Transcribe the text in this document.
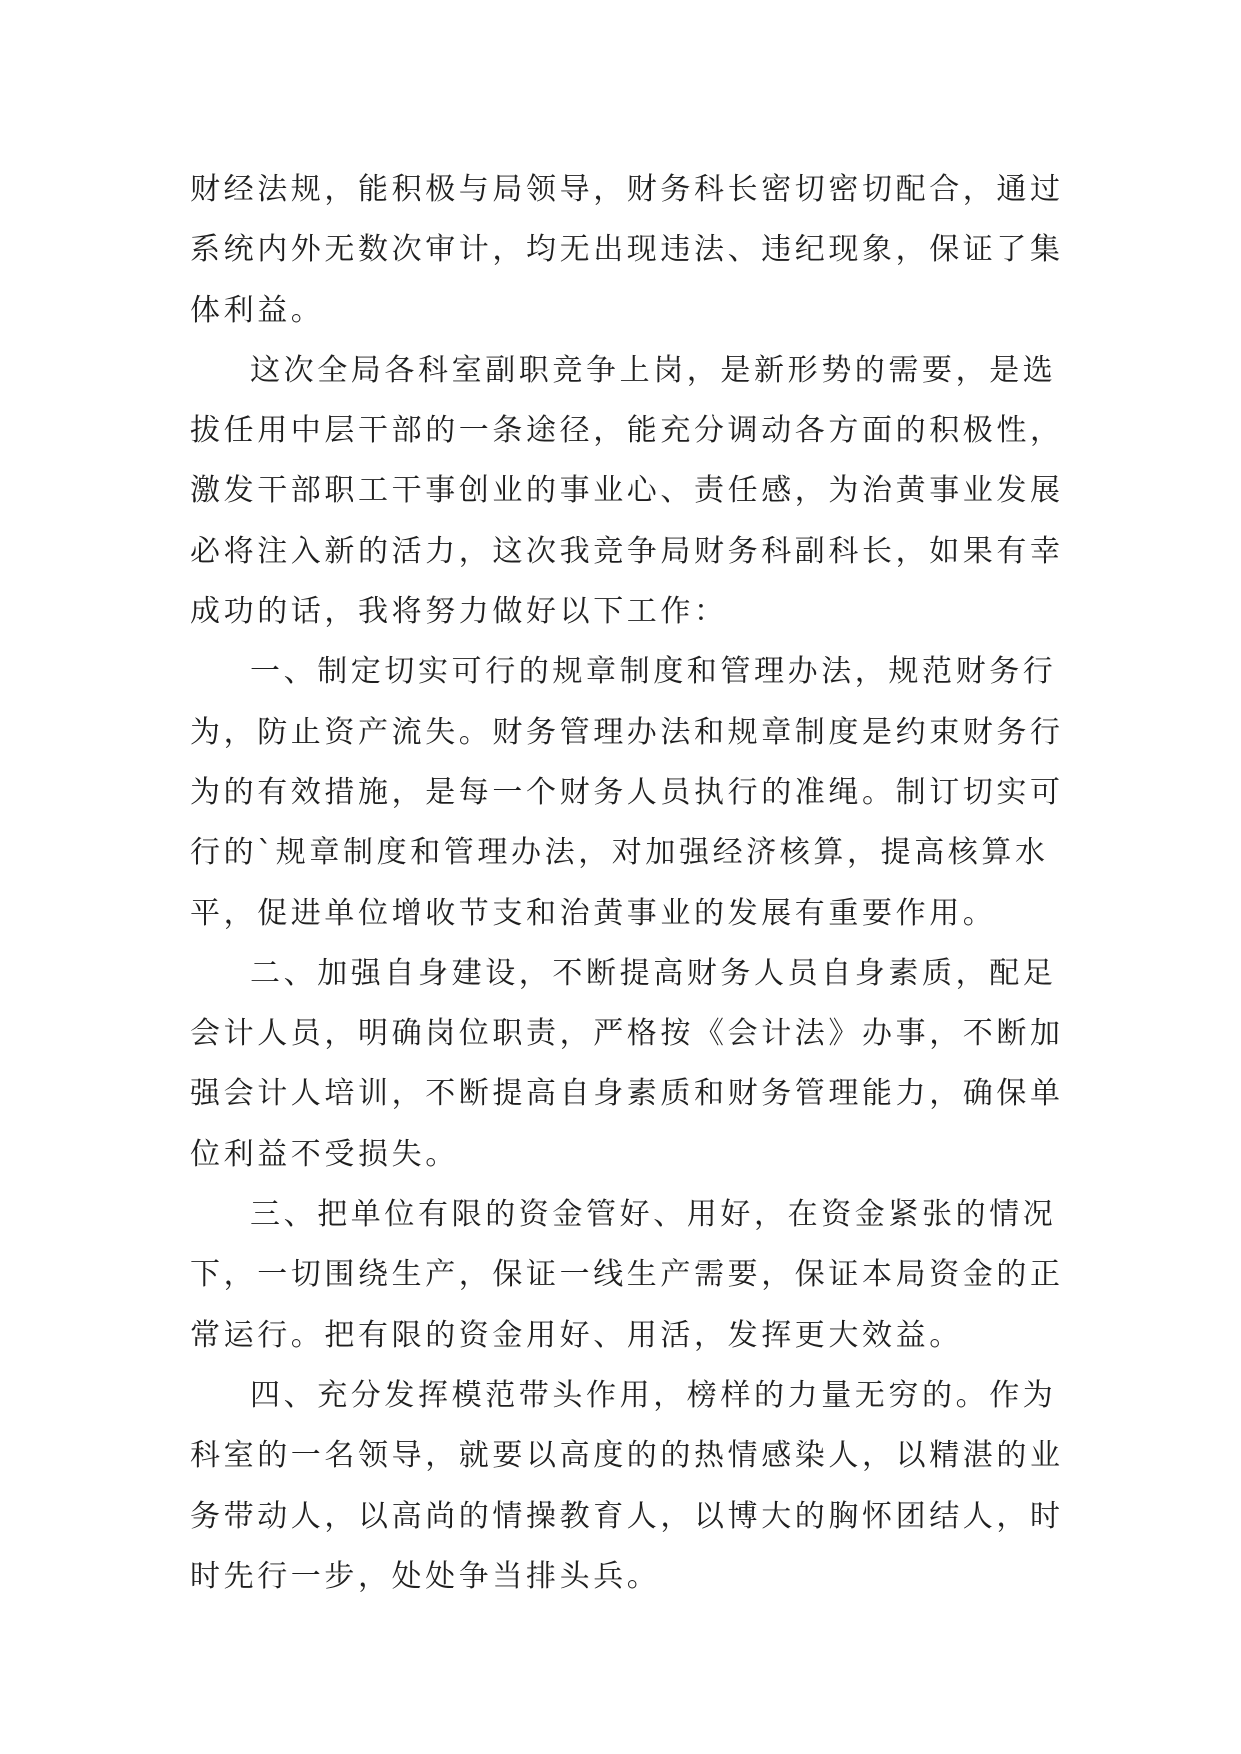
财经法规，能积极与局领导，财务科长密切密切配合，通过
系统内外无数次审计，均无出现违法、违纪现象，保证了集
体利益。

这次全局各科室副职竞争上岗，是新形势的需要，是选
拔任用中层干部的一条途径，能充分调动各方面的积极性，
激发干部职工干事创业的事业心、责任感，为治黄事业发展
必将注入新的活力，这次我竞争局财务科副科长，如果有幸
成功的话，我将努力做好以下工作：

一、制定切实可行的规章制度和管理办法，规范财务行
为，防止资产流失。财务管理办法和规章制度是约束财务行
为的有效措施，是每一个财务人员执行的准绳。制订切实可
行的`规章制度和管理办法，对加强经济核算，提高核算水
平，促进单位增收节支和治黄事业的发展有重要作用。

二、加强自身建设，不断提高财务人员自身素质，配足
会计人员，明确岗位职责，严格按《会计法》办事，不断加
强会计人培训，不断提高自身素质和财务管理能力，确保单
位利益不受损失。

三、把单位有限的资金管好、用好，在资金紧张的情况
下，一切围绕生产，保证一线生产需要，保证本局资金的正
常运行。把有限的资金用好、用活，发挥更大效益。

四、充分发挥模范带头作用，榜样的力量无穷的。作为
科室的一名领导，就要以高度的的热情感染人，以精湛的业
务带动人，以高尚的情操教育人，以博大的胸怀团结人，时
时先行一步，处处争当排头兵。
